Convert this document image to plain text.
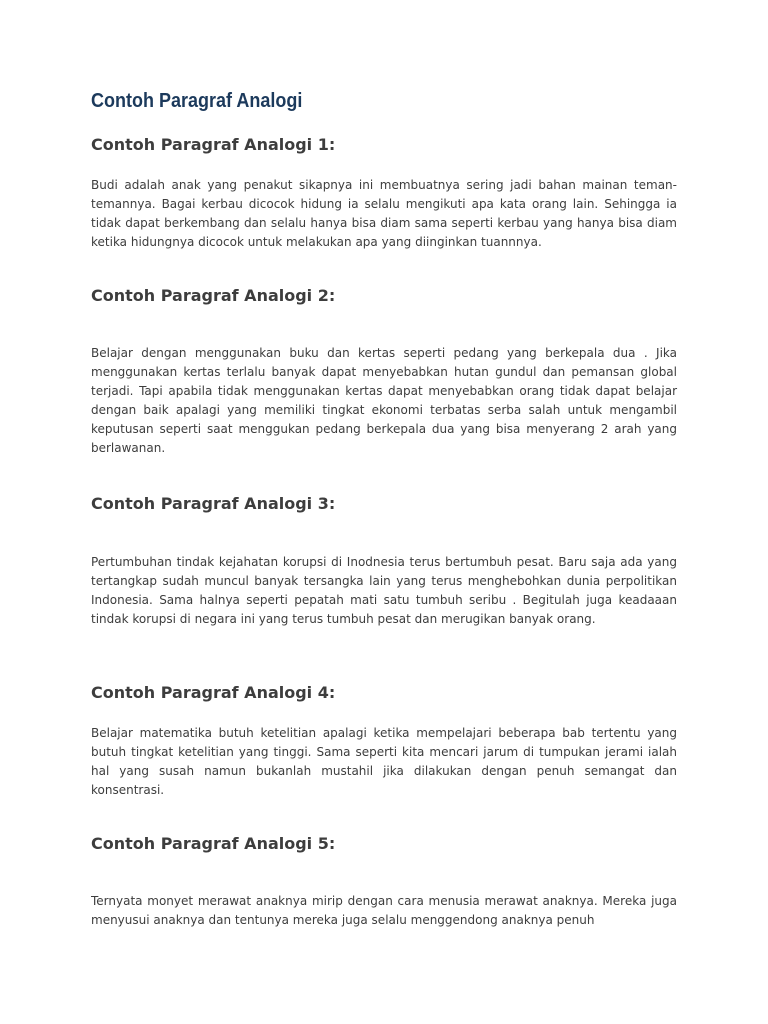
Contoh Paragraf Analogi
Contoh Paragraf Analogi 1:

Budi adalah anak yang penakut sikapnya ini membuatnya sering jadi bahan mainan teman-temannya. Bagai kerbau dicocok hidung ia selalu mengikuti apa kata orang lain. Sehingga ia tidak dapat berkembang dan selalu hanya bisa diam sama seperti kerbau yang hanya bisa diam ketika hidungnya dicocok untuk melakukan apa yang diinginkan tuannnya.

Contoh Paragraf Analogi 2:

Belajar dengan menggunakan buku dan kertas seperti pedang yang berkepala dua . Jika menggunakan kertas terlalu banyak dapat menyebabkan hutan gundul dan pemansan global terjadi. Tapi apabila tidak menggunakan kertas dapat menyebabkan orang tidak dapat belajar dengan baik apalagi yang memiliki tingkat ekonomi terbatas serba salah untuk mengambil keputusan seperti saat menggukan pedang berkepala dua yang bisa menyerang 2 arah yang berlawanan.

Contoh Paragraf Analogi 3:

Pertumbuhan tindak kejahatan korupsi di Inodnesia terus bertumbuh pesat. Baru saja ada yang tertangkap sudah muncul banyak tersangka lain yang terus menghebohkan dunia perpolitikan Indonesia. Sama halnya seperti pepatah mati satu tumbuh seribu . Begitulah juga keadaaan tindak korupsi di negara ini yang terus tumbuh pesat dan merugikan banyak orang.

Contoh Paragraf Analogi 4:

Belajar matematika butuh ketelitian apalagi ketika mempelajari beberapa bab tertentu yang butuh tingkat ketelitian yang tinggi. Sama seperti kita mencari jarum di tumpukan jerami ialah hal yang susah namun bukanlah mustahil jika dilakukan dengan penuh semangat dan konsentrasi.

Contoh Paragraf Analogi 5:

Ternyata monyet merawat anaknya mirip dengan cara menusia merawat anaknya. Mereka juga menyusui anaknya dan tentunya mereka juga selalu menggendong anaknya penuh
